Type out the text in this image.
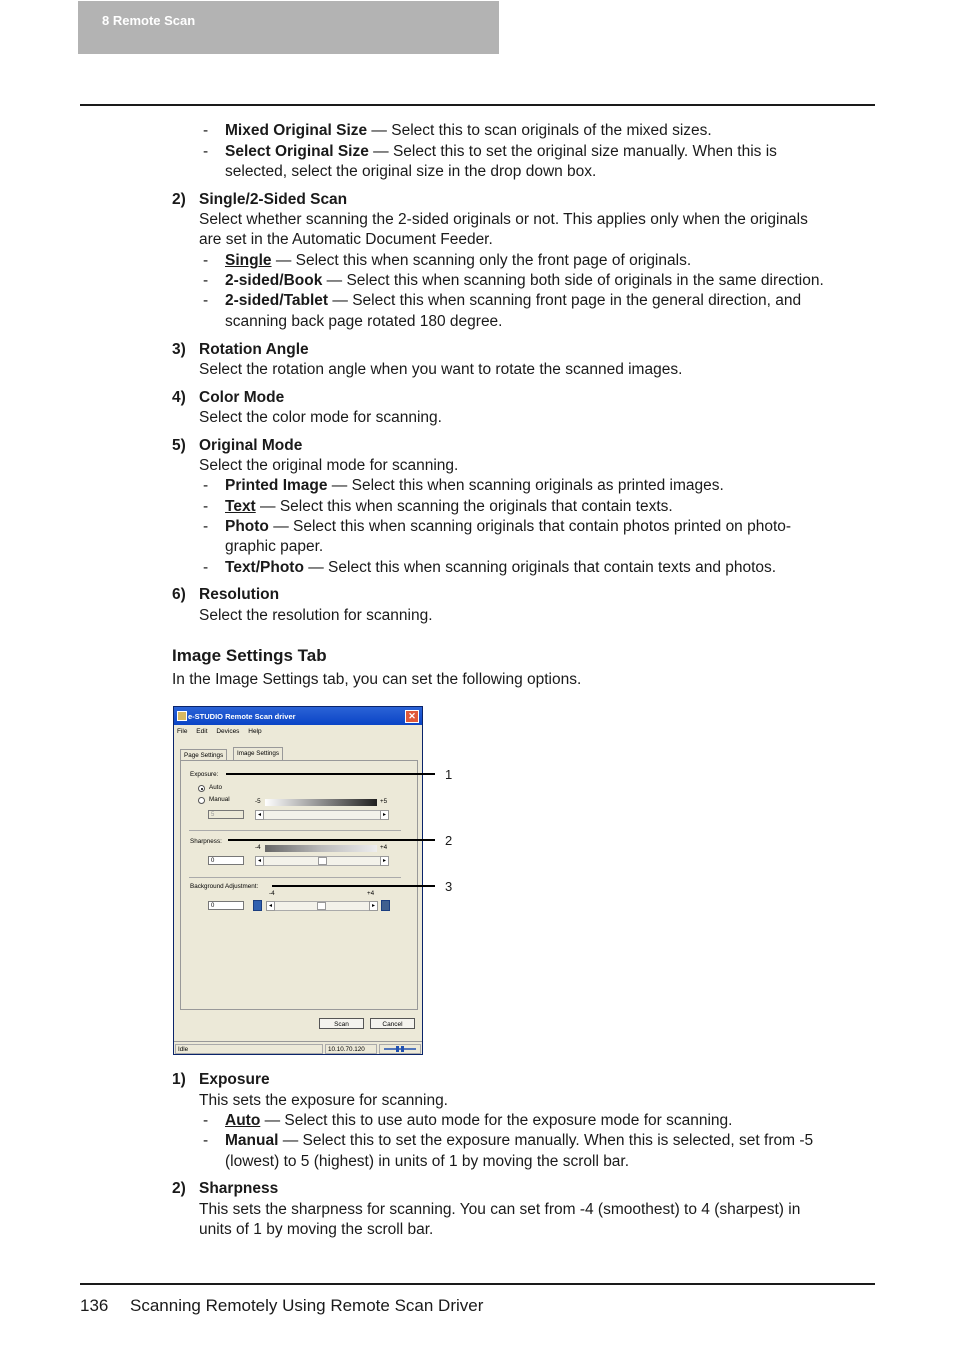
8 Remote Scan
- Mixed Original Size — Select this to scan originals of the mixed sizes.
- Select Original Size — Select this to set the original size manually. When this is
selected, select the original size in the drop down box.
2) Single/2-Sided Scan
Select whether scanning the 2-sided originals or not. This applies only when the originals
are set in the Automatic Document Feeder.
- Single — Select this when scanning only the front page of originals.
- 2-sided/Book — Select this when scanning both side of originals in the same direction.
- 2-sided/Tablet — Select this when scanning front page in the general direction, and
scanning back page rotated 180 degree.
3) Rotation Angle
Select the rotation angle when you want to rotate the scanned images.
4) Color Mode
Select the color mode for scanning.
5) Original Mode
Select the original mode for scanning.
- Printed Image — Select this when scanning originals as printed images.
- Text — Select this when scanning the originals that contain texts.
- Photo — Select this when scanning originals that contain photos printed on photo-
graphic paper.
- Text/Photo — Select this when scanning originals that contain texts and photos.
6) Resolution
Select the resolution for scanning.
Image Settings Tab
In the Image Settings tab, you can set the following options.
e-STUDIO Remote Scan driver	✕
File Edit Devices Help
Page Settings	Image Settings
Exposure:
Auto
Manual	-5	+5
5	◂	▸
Sharpness:
-4	+4
0	◂	▸
Background Adjustment:
-4	+4
0	◂	▸
Scan	Cancel
Idle	10.10.70.120
1
2
3
1) Exposure
This sets the exposure for scanning.
- Auto — Select this to use auto mode for the exposure mode for scanning.
- Manual — Select this to set the exposure manually. When this is selected, set from -5
(lowest) to 5 (highest) in units of 1 by moving the scroll bar.
2) Sharpness
This sets the sharpness for scanning. You can set from -4 (smoothest) to 4 (sharpest) in
units of 1 by moving the scroll bar.
136 Scanning Remotely Using Remote Scan Driver
